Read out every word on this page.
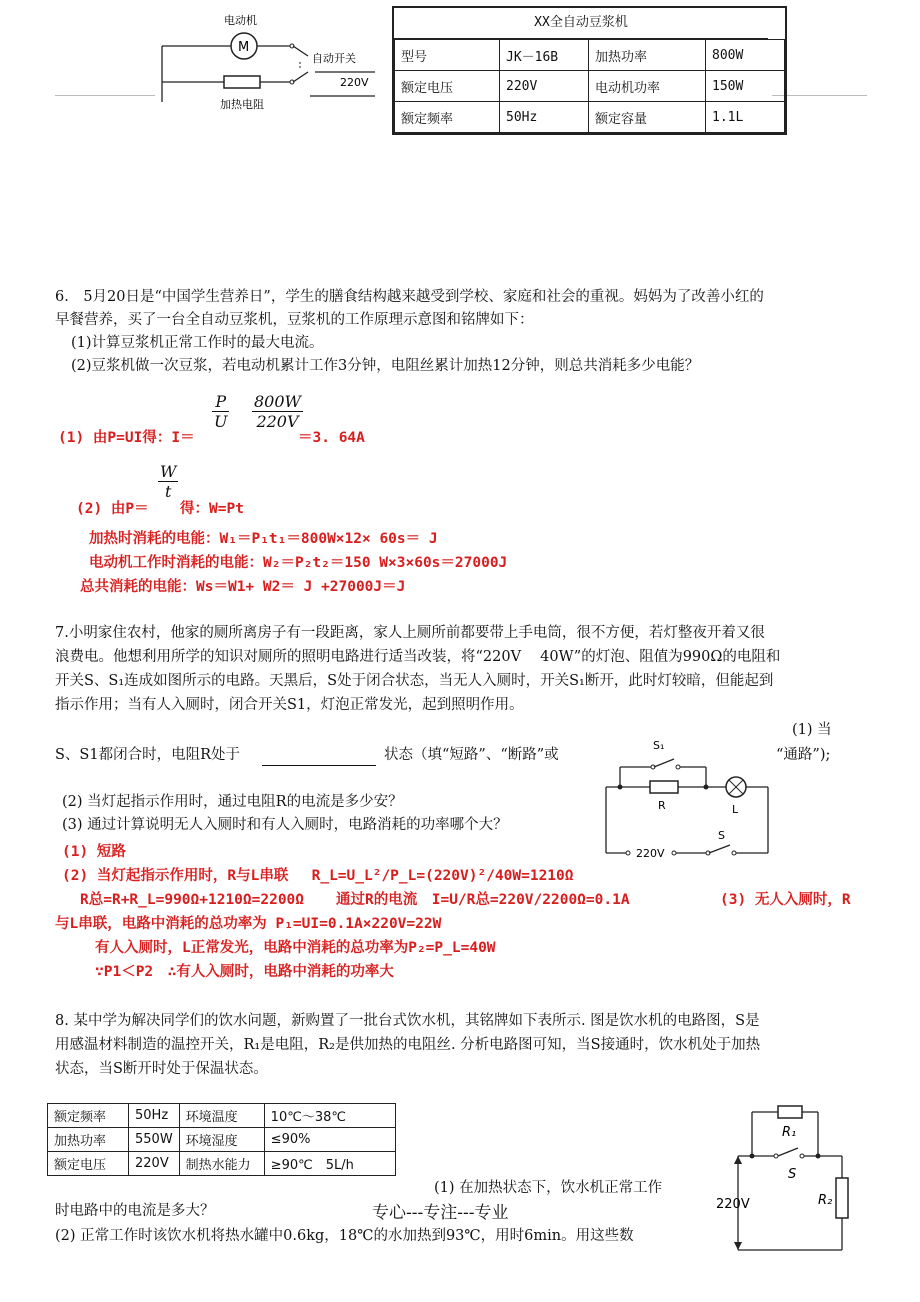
电动机
M
自动开关
加热电阻
220V
XX全自动豆浆机
型号	JK－16B	加热功率	800W
额定电压	220V	电动机功率	150W
额定频率	50Hz	额定容量	1.1L
6.　5月20日是“中国学生营养日”，学生的膳食结构越来越受到学校、家庭和社会的重视。妈妈为了改善小红的
早餐营养，买了一台全自动豆浆机，豆浆机的工作原理示意图和铭牌如下：
(1)计算豆浆机正常工作时的最大电流。
(2)豆浆机做一次豆浆，若电动机累计工作3分钟，电阻丝累计加热12分钟，则总共消耗多少电能？
(1) 由P=UI得：I＝
$\frac{P}{U} \frac{800W}{220V}$
＝3. 64A
$\frac{W}{t}$
(2) 由P＝ 得：W=Pt
加热时消耗的电能：W₁＝P₁t₁＝800W×12× 60s＝ J
电动机工作时消耗的电能：W₂＝P₂t₂＝150 W×3×60s＝27000J
总共消耗的电能：Ws＝W1+ W2＝ J +27000J＝J
7.小明家住农村，他家的厕所离房子有一段距离，家人上厕所前都要带上手电筒，很不方便，若灯整夜开着又很
浪费电。他想利用所学的知识对厕所的照明电路进行适当改装，将“220V　 40W”的灯泡、阻值为990Ω的电阻和
开关S、S₁连成如图所示的电路。天黑后，S处于闭合状态，当无人入厕时，开关S₁断开，此时灯较暗，但能起到
指示作用；当有人入厕时，闭合开关S1，灯泡正常发光，起到照明作用。
(1) 当
S、S1都闭合时，电阻R处于	状态（填“短路”、“断路”或	“通路”);
(2) 当灯起指示作用时，通过电阻R的电流是多少安？
(3) 通过计算说明无人入厕时和有人入厕时，电路消耗的功率哪个大？
S₁
R	L
220V
S
(1) 短路
(2) 当灯起指示作用时，R与L串联　 R_L=U_L²/P_L=(220V)²/40W=1210Ω
R总=R+R_L=990Ω+1210Ω=2200Ω 通过R的电流　I=U/R总=220V/2200Ω=0.1A	(3) 无人入厕时，R
与L串联，电路中消耗的总功率为 P₁=UI=0.1A×220V=22W
有人入厕时，L正常发光，电路中消耗的总功率为P₂=P_L=40W
∵P1＜P2　∴有人入厕时，电路中消耗的功率大
8. 某中学为解决同学们的饮水问题，新购置了一批台式饮水机，其铭牌如下表所示. 图是饮水机的电路图，S是
用感温材料制造的温控开关，R₁是电阻，R₂是供加热的电阻丝. 分析电路图可知，当S接通时，饮水机处于加热
状态，当S断开时处于保温状态。
额定频率	50Hz	环境温度	10℃～38℃
加热功率	550W	环境湿度	≤90%
额定电压	220V	制热水能力	≥90℃　5L/h
R₁
S
R₂
220V
(1) 在加热状态下，饮水机正常工作
时电路中的电流是多大？	专心---专注---专业
(2) 正常工作时该饮水机将热水罐中0.6kg，18℃的水加热到93℃，用时6min。用这些数
